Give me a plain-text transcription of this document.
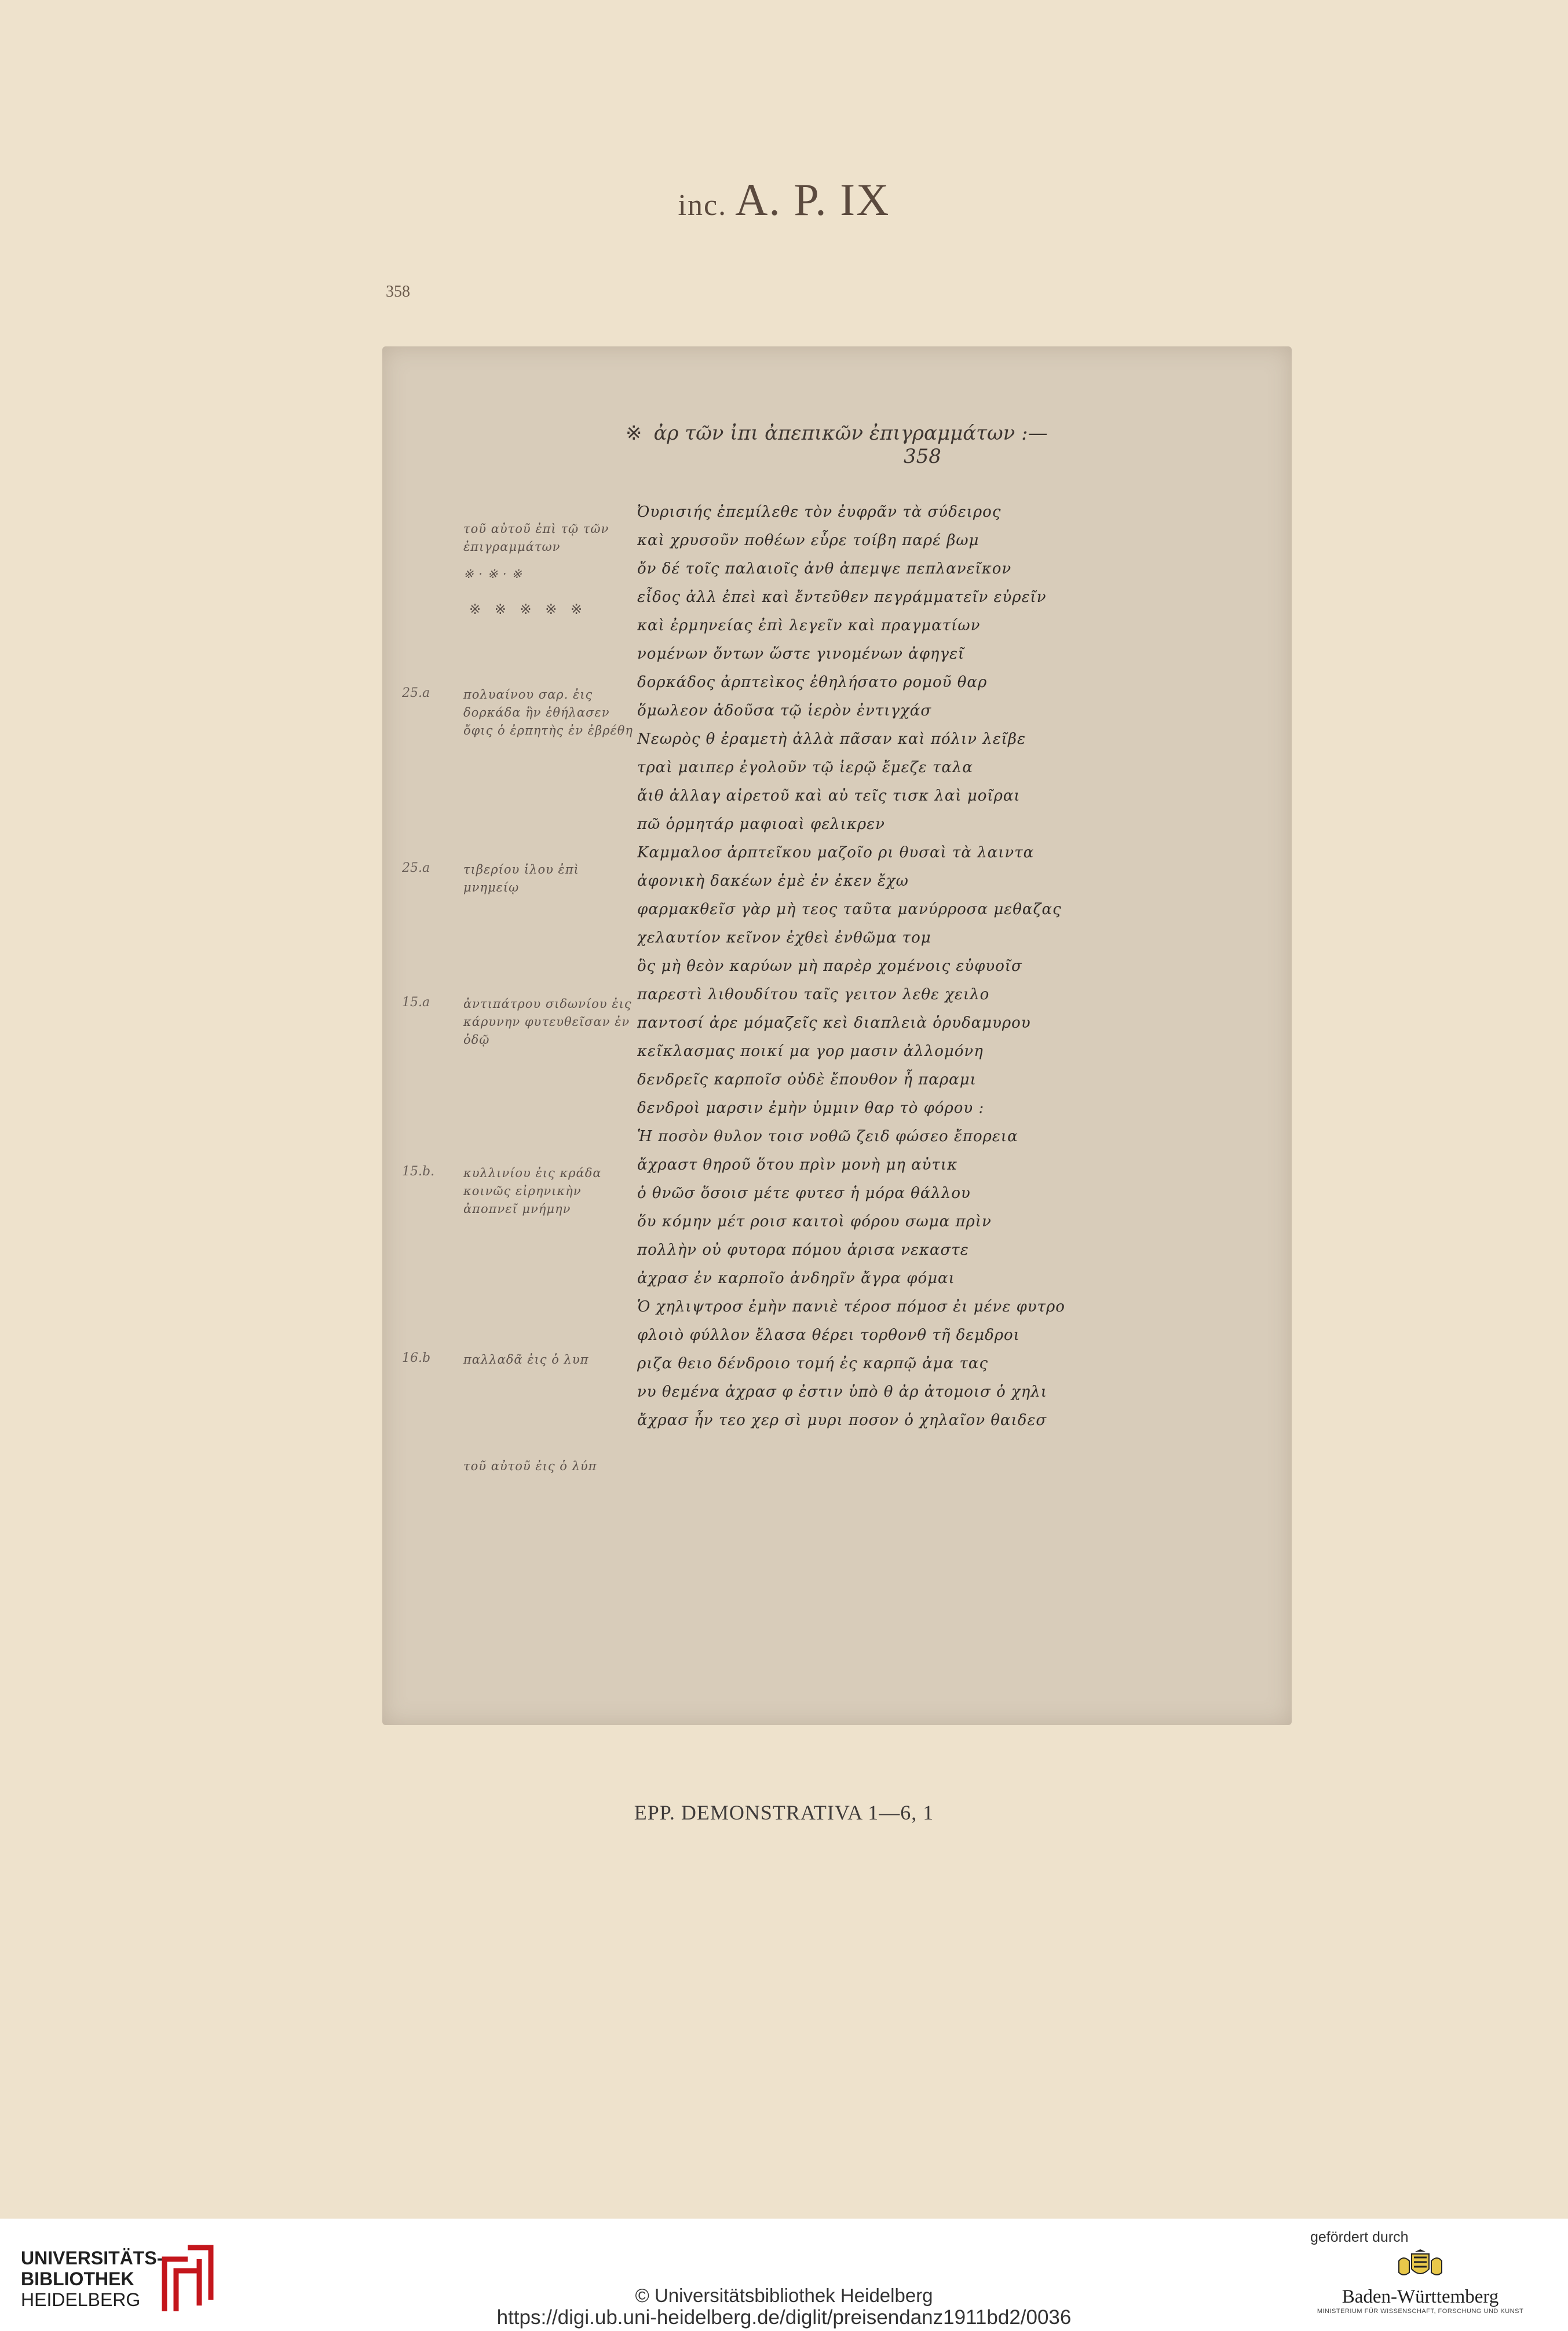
inc. A. P. IX
358
※ ἀρ τῶν ἰπι ἀπεπικῶν ἐπιγραμμάτων :—
358
τοῦ αὐτοῦ ἐπὶ τῷ τῶν ἐπιγραμμάτων
※ · ※ · ※
※ ※ ※ ※ ※
25.a	πολυαίνου σαρ. ἐις δορκάδα ἣν ἐθήλασεν ὄφις ὁ ἐρπητὴς ἐν ἐβρέθη
25.a	τιβερίου ἰλου ἐπὶ μνημείῳ
15.a	ἀντιπάτρου σιδωνίου ἐις κάρυνην φυτευθεῖσαν ἐν ὁδῷ
15.b. κυλλινίου ἐις κράδα κοινῶς εἰρηνικὴν ἀποπνεῖ μνήμην
16.b	παλλαδᾶ ἐις ὁ λυπ
τοῦ αὐτοῦ ἐις ὁ λύπ
Ὀυρισιής ἐπεμίλεθε τὸν ἐυφρᾶν τὰ σύδειρος
καὶ χρυσοῦν ποθέων εὗρε τοίβη παρέ βωμ
ὄν δέ τοῖς παλαιοῖς ἀνθ ἀπεμψε πεπλανεῖκον
εἶδος ἀλλ ἐπεὶ καὶ ἔντεῦθεν πεγράμματεῖν εὐρεῖν
καὶ ἐρμηνείας ἐπὶ λεγεῖν καὶ πραγματίων
νομένων ὄντων ὥστε γινομένων ἀφηγεῖ
δορκάδος ἀρπτεὶκος ἐθηλήσατο ρομοῦ θαρ
ὅμωλεον ἀδοῦσα τῷ ἱερὸν ἐντιγχάσ
Νεωρὸς θ ἐραμετὴ ἀλλὰ πᾶσαν καὶ πόλιν λεῖβε
τραὶ μαιπερ ἐγολοῦν τῷ ἱερῷ ἔμεζε ταλα
ἄιθ ἀλλαγ αἰρετοῦ καὶ αὐ τεῖς τισκ λαὶ μοῖραι
πῶ ὁρμητάρ μαφιοαὶ φελικρεν
Καμμαλοσ ἀρπτεῖκου μαζοῖο ρι θυσαὶ τὰ λαιντα
ἀφονικὴ δακέων ἐμὲ ἐν ἐκεν ἔχω
φαρμακθεῖσ γὰρ μὴ τεος ταῦτα μανύρροσα μεθαζας
χελαυτίον κεῖνον ἐχθεὶ ἐνθῶμα τομ
ὃς μὴ θεὸν καρύων μὴ παρὲρ χομένοις εὐφυοῖσ
παρεστὶ λιθουδίτου ταῖς γειτον λεθε χειλο
παντοσί ἀρε μόμαζεῖς κεὶ διαπλειὰ ὁρυδαμυρου
κεῖκλασμας ποικί μα γορ μασιν ἀλλομόνη
δενδρεῖς καρποῖσ οὐδὲ ἔπουθον ἧ παραμι
δενδροὶ μαρσιν ἐμὴν ὑμμιν θαρ τὸ φόρου :
Ἡ ποσὸν θυλον τοισ νοθῶ ζειδ φώσεο ἔπορεια
ἄχραστ θηροῦ ὅτου πρὶν μονὴ μη αὐτικ
ὁ θνῶσ ὅσοισ μέτε φυτεσ ἡ μόρα θάλλου
ὅυ κόμην μέτ ροισ καιτοὶ φόρου σωμα πρὶν
πολλὴν οὐ φυτορα πόμου ἀρισα νεκαστε
ἀχρασ ἐν καρποῖο ἀνδηρῖν ἄγρα φόμαι
Ὁ χηλιψτροσ ἐμὴν πανιὲ τέροσ πόμοσ ἐι μένε φυτρο
φλοιὸ φύλλον ἔλασα θέρει τορθονθ τῆ δεμδροι
ριζα θειο δένδροιο τομή ἐς καρπῷ ἀμα τας
νυ θεμένα ἀχρασ φ ἐστιν ὑπὸ θ ἀρ ἀτομοισ ὁ χηλι
ἄχρασ ἦν τεο χερ σὶ μυρι ποσον ὁ χηλαῖον θαιδεσ
EPP. DEMONSTRATIVA 1—6, 1
UNIVERSITÄTS-
BIBLIOTHEK
HEIDELBERG	© Universitätsbibliothek Heidelberg
https://digi.ub.uni-heidelberg.de/diglit/preisendanz1911bd2/0036
gefördert durch
Baden-Württemberg
MINISTERIUM FÜR WISSENSCHAFT, FORSCHUNG UND KUNST
